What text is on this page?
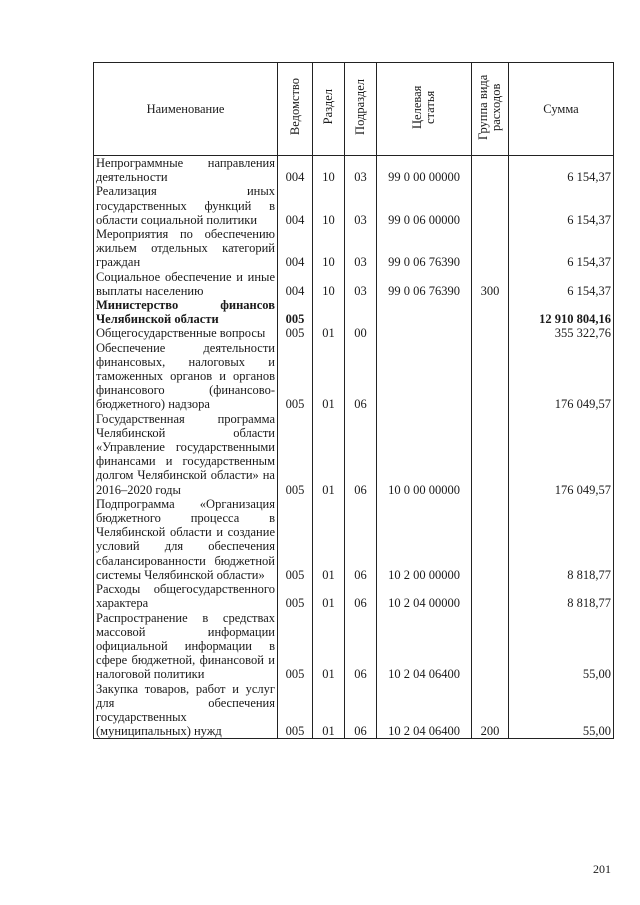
Наименование	Ведомство	Раздел	Подраздел	Целевая статья	Группа вида расходов	Сумма
Непрограммные направления деятельности	004	10	03	99 0 00 00000		6 154,37
Реализация иных государственных функций в области социальной политики	004	10	03	99 0 06 00000		6 154,37
Мероприятия по обеспечению жильем отдельных категорий граждан	004	10	03	99 0 06 76390		6 154,37
Социальное обеспечение и иные выплаты населению	004	10	03	99 0 06 76390	300	6 154,37
Министерство финансов Челябинской области	005					12 910 804,16
Общегосударственные вопросы	005	01	00			355 322,76
Обеспечение деятельности финансовых, налоговых и таможенных органов и органов финансового (финансово-бюджетного) надзора	005	01	06			176 049,57
Государственная программа Челябинской области «Управление государственными финансами и государственным долгом Челябинской области» на 2016–2020 годы	005	01	06	10 0 00 00000		176 049,57
Подпрограмма «Организация бюджетного процесса в Челябинской области и создание условий для обеспечения сбалансированности бюджетной системы Челябинской области»	005	01	06	10 2 00 00000		8 818,77
Расходы общегосударственного характера	005	01	06	10 2 04 00000		8 818,77
Распространение в средствах массовой информации официальной информации в сфере бюджетной, финансовой и налоговой политики	005	01	06	10 2 04 06400		55,00
Закупка товаров, работ и услуг для обеспечения государственных (муниципальных) нужд	005	01	06	10 2 04 06400	200	55,00
201
